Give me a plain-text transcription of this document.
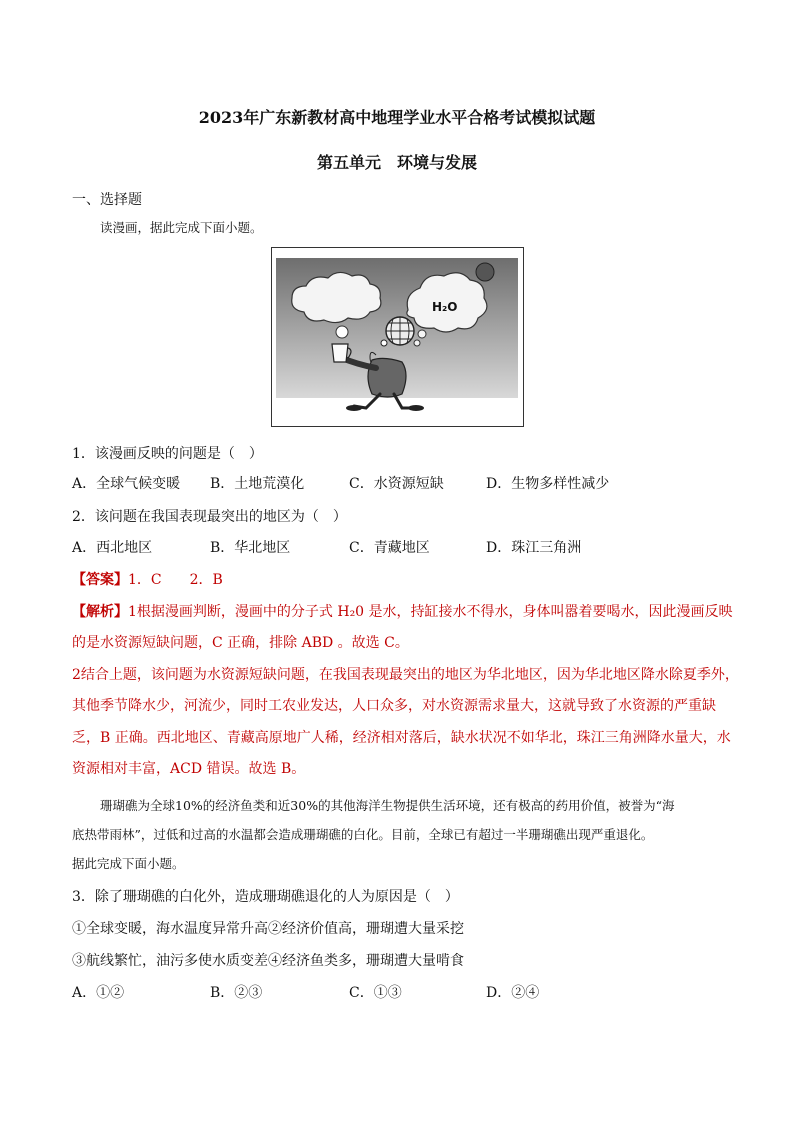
2023年广东新教材高中地理学业水平合格考试模拟试题
第五单元　环境与发展
一、选择题
读漫画，据此完成下面小题。
H₂O
1．该漫画反映的问题是（　）
A．全球气候变暖 B．土地荒漠化	C．水资源短缺	D．生物多样性减少
2．该问题在我国表现最突出的地区为（　）
A．西北地区	B．华北地区	C．青藏地区	D．珠江三角洲
【答案】1．C　　2．B
【解析】1根据漫画判断，漫画中的分子式 H₂0 是水，持缸接水不得水，身体叫嚣着要喝水，因此漫画反映
的是水资源短缺问题，C 正确，排除 ABD 。故选 C。
2结合上题，该问题为水资源短缺问题，在我国表现最突出的地区为华北地区，因为华北地区降水除夏季外，
其他季节降水少，河流少，同时工农业发达，人口众多，对水资源需求量大，这就导致了水资源的严重缺
乏，B 正确。西北地区、青藏高原地广人稀，经济相对落后，缺水状况不如华北，珠江三角洲降水量大，水
资源相对丰富，ACD 错误。故选 B。
珊瑚礁为全球10%的经济鱼类和近30%的其他海洋生物提供生活环境，还有极高的药用价值，被誉为“海
底热带雨林”，过低和过高的水温都会造成珊瑚礁的白化。目前，全球已有超过一半珊瑚礁出现严重退化。
据此完成下面小题。
3．除了珊瑚礁的白化外，造成珊瑚礁退化的人为原因是（　）
①全球变暖，海水温度异常升高②经济价值高，珊瑚遭大量采挖
③航线繁忙，油污多使水质变差④经济鱼类多，珊瑚遭大量啃食
A．①②	B．②③	C．①③	D．②④
